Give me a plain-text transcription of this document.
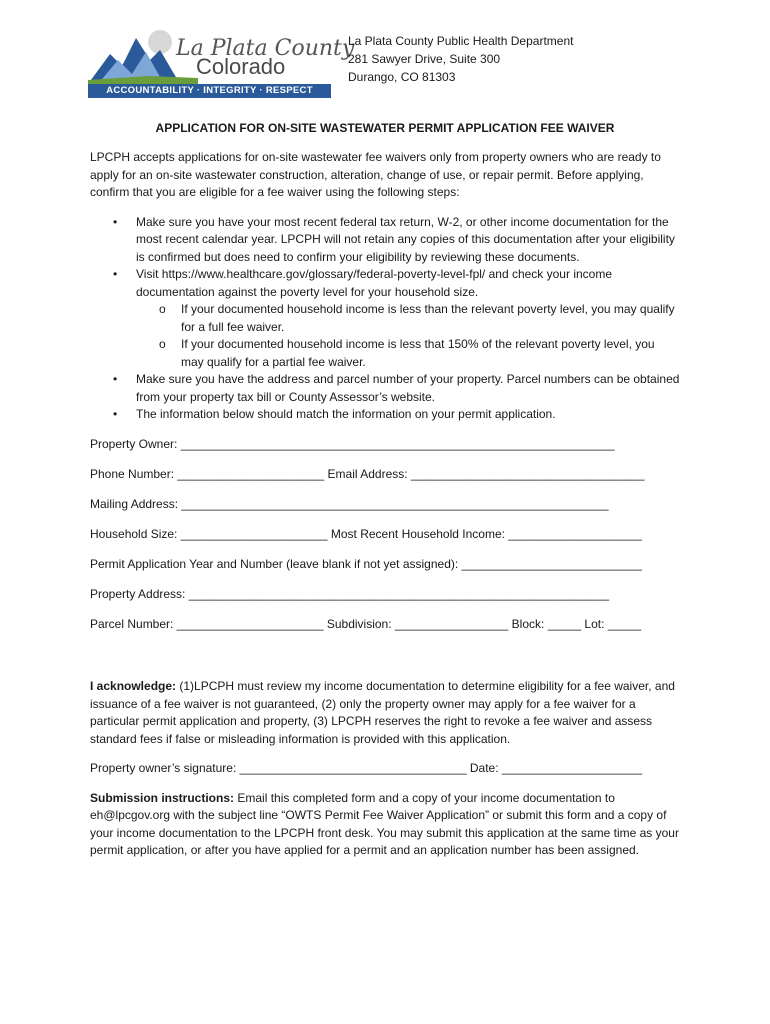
La Plata County
Colorado
ACCOUNTABILITY · INTEGRITY · RESPECT
La Plata County Public Health Department
281 Sawyer Drive, Suite 300
Durango, CO 81303
APPLICATION FOR ON-SITE WASTEWATER PERMIT APPLICATION FEE WAIVER

LPCPH accepts applications for on-site wastewater fee waivers only from property owners who are ready to apply for an on-site wastewater construction, alteration, change of use, or repair permit. Before applying, confirm that you are eligible for a fee waiver using the following steps:

• Make sure you have your most recent federal tax return, W-2, or other income documentation for the most recent calendar year. LPCPH will not retain any copies of this documentation after your eligibility is confirmed but does need to confirm your eligibility by reviewing these documents.
• Visit https://www.healthcare.gov/glossary/federal-poverty-level-fpl/ and check your income documentation against the poverty level for your household size.
o If your documented household income is less than the relevant poverty level, you may qualify for a full fee waiver.
o If your documented household income is less that 150% of the relevant poverty level, you may qualify for a partial fee waiver.
• Make sure you have the address and parcel number of your property. Parcel numbers can be obtained from your property tax bill or County Assessor’s website.
• The information below should match the information on your permit application.
Property Owner: _________________________________________________________________
Phone Number: ______________________ Email Address: ___________________________________
Mailing Address: ________________________________________________________________
Household Size: ______________________ Most Recent Household Income: ____________________
Permit Application Year and Number (leave blank if not yet assigned): ___________________________
Property Address: _______________________________________________________________
Parcel Number: ______________________ Subdivision: _________________ Block: _____ Lot: _____

I acknowledge: (1)LPCPH must review my income documentation to determine eligibility for a fee waiver, and issuance of a fee waiver is not guaranteed, (2) only the property owner may apply for a fee waiver for a particular permit application and property, (3) LPCPH reserves the right to revoke a fee waiver and assess standard fees if false or misleading information is provided with this application.

Property owner’s signature: __________________________________ Date: _____________________

Submission instructions: Email this completed form and a copy of your income documentation to eh@lpcgov.org with the subject line “OWTS Permit Fee Waiver Application” or submit this form and a copy of your income documentation to the LPCPH front desk. You may submit this application at the same time as your permit application, or after you have applied for a permit and an application number has been assigned.
